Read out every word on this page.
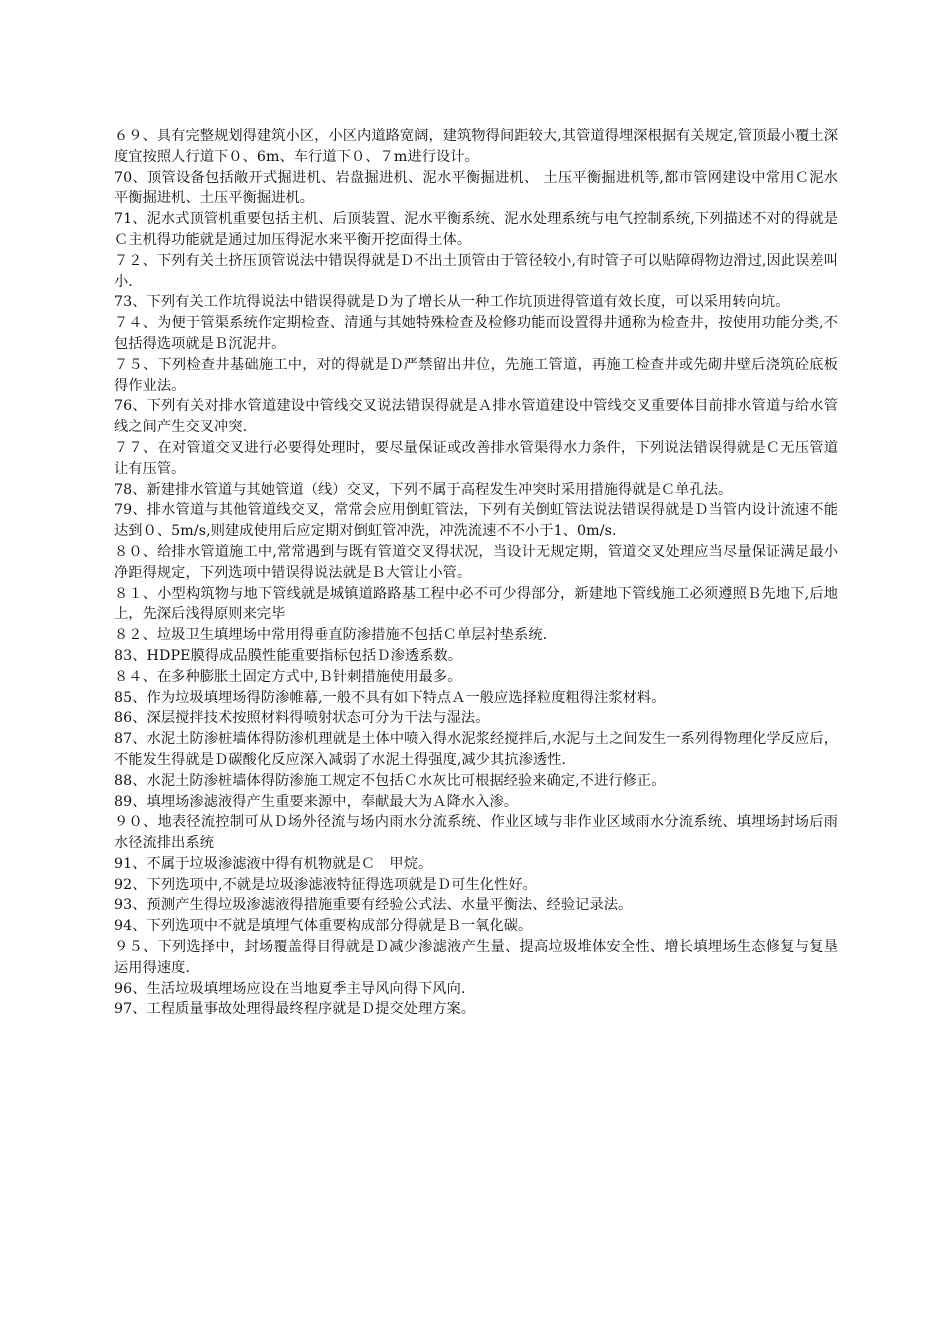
６９、具有完整规划得建筑小区，小区内道路宽阔，建筑物得间距较大,其管道得埋深根据有关规定,管顶最小覆土深度宜按照人行道下０、6m、车行道下０、７m进行设计。

70、顶管设备包括敞开式掘进机、岩盘掘进机、泥水平衡掘进机、 土压平衡掘进机等,都市管网建设中常用Ｃ泥水平衡掘进机、土压平衡掘进机。

71、泥水式顶管机重要包括主机、后顶装置、泥水平衡系统、泥水处理系统与电气控制系统,下列描述不对的得就是Ｃ主机得功能就是通过加压得泥水来平衡开挖面得土体。

７２、下列有关土挤压顶管说法中错误得就是Ｄ不出土顶管由于管径较小,有时管子可以贴障碍物边滑过,因此误差叫小.

73、下列有关工作坑得说法中错误得就是Ｄ为了增长从一种工作坑顶进得管道有效长度，可以采用转向坑。

７４、为便于管渠系统作定期检查、清通与其她特殊检查及检修功能而设置得井通称为检查井，按使用功能分类,不包括得选项就是Ｂ沉泥井。

７５、下列检查井基础施工中，对的得就是Ｄ严禁留出井位，先施工管道，再施工检查井或先砌井壁后浇筑砼底板得作业法。

76、下列有关对排水管道建设中管线交叉说法错误得就是Ａ排水管道建设中管线交叉重要体目前排水管道与给水管线之间产生交叉冲突.

７７、在对管道交叉进行必要得处理时，要尽量保证或改善排水管渠得水力条件，下列说法错误得就是Ｃ无压管道让有压管。

78、新建排水管道与其她管道（线）交叉，下列不属于高程发生冲突时采用措施得就是Ｃ单孔法。

79、排水管道与其他管道线交叉，常常会应用倒虹管法，下列有关倒虹管法说法错误得就是Ｄ当管内设计流速不能达到０、5m/s,则建成使用后应定期对倒虹管冲洗，冲洗流速不不小于1、0m/s.

８０、给排水管道施工中,常常遇到与既有管道交叉得状况，当设计无规定期，管道交叉处理应当尽量保证满足最小净距得规定，下列选项中错误得说法就是Ｂ大管让小管。

８１、小型构筑物与地下管线就是城镇道路路基工程中必不可少得部分，新建地下管线施工必须遵照Ｂ先地下,后地上，先深后浅得原则来完毕

８２、垃圾卫生填埋场中常用得垂直防渗措施不包括Ｃ单层衬垫系统.

83、HDPE膜得成品膜性能重要指标包括Ｄ渗透系数。

８４、在多种膨胀土固定方式中,Ｂ针刺措施使用最多。

85、作为垃圾填埋场得防渗帷幕,一般不具有如下特点Ａ一般应选择粒度粗得注浆材料。

86、深层搅拌技术按照材料得喷射状态可分为干法与湿法。

87、水泥土防渗桩墙体得防渗机理就是土体中喷入得水泥浆经搅拌后,水泥与土之间发生一系列得物理化学反应后，不能发生得就是Ｄ碳酸化反应深入减弱了水泥土得强度,减少其抗渗透性.

88、水泥土防渗桩墙体得防渗施工规定不包括Ｃ水灰比可根据经验来确定,不进行修正。

89、填埋场渗滤液得产生重要来源中，奉献最大为Ａ降水入渗。

９０、地表径流控制可从Ｄ场外径流与场内雨水分流系统、作业区域与非作业区域雨水分流系统、填埋场封场后雨水径流排出系统

91、不属于垃圾渗滤液中得有机物就是Ｃ　甲烷。

92、下列选项中,不就是垃圾渗滤液特征得选项就是Ｄ可生化性好。

93、预测产生得垃圾渗滤液得措施重要有经验公式法、水量平衡法、经验记录法。

94、下列选项中不就是填埋气体重要构成部分得就是Ｂ一氧化碳。

９５、下列选择中，封场覆盖得目得就是Ｄ减少渗滤液产生量、提高垃圾堆体安全性、增长填埋场生态修复与复垦运用得速度.

96、生活垃圾填埋场应设在当地夏季主导风向得下风向.

97、工程质量事故处理得最终程序就是Ｄ提交处理方案。
